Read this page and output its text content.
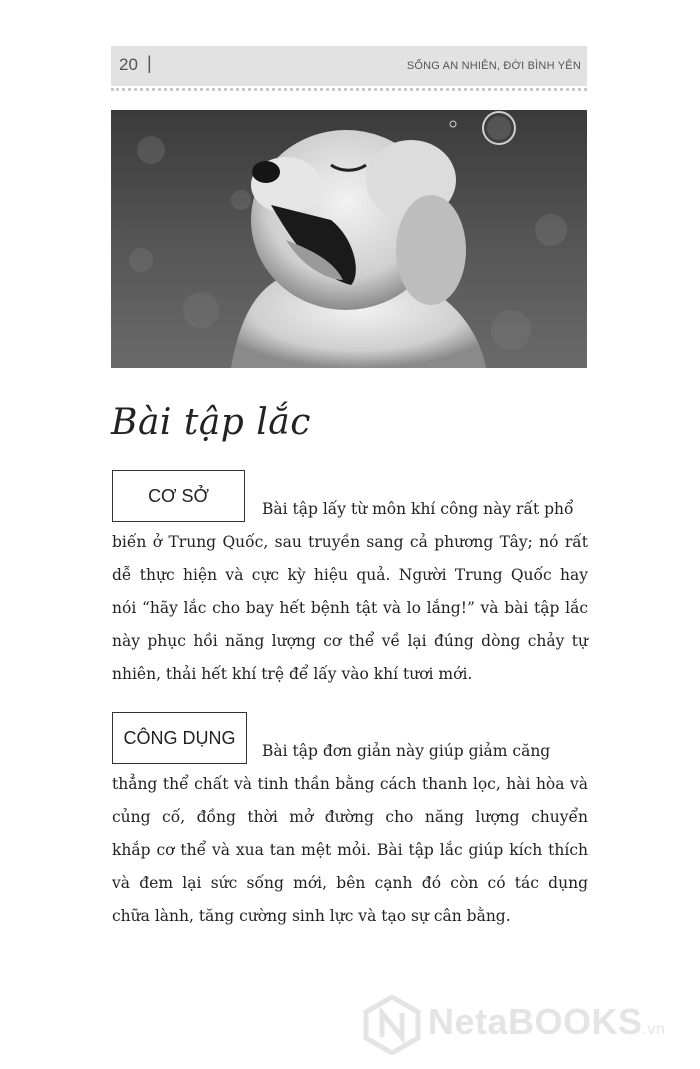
20 |	SỐNG AN NHIÊN, ĐỜI BÌNH YÊN
Bài tập lắc
CƠ SỞ
Bài tập lấy từ môn khí công này rất phổ
biến ở Trung Quốc, sau truyền sang cả phương Tây; nó rất
dễ thực hiện và cực kỳ hiệu quả. Người Trung Quốc hay
nói “hãy lắc cho bay hết bệnh tật và lo lắng!” và bài tập lắc
này phục hồi năng lượng cơ thể về lại đúng dòng chảy tự
nhiên, thải hết khí trệ để lấy vào khí tươi mới.
CÔNG DỤNG
Bài tập đơn giản này giúp giảm căng
thẳng thể chất và tinh thần bằng cách thanh lọc, hài hòa và
củng cố, đồng thời mở đường cho năng lượng chuyển
khắp cơ thể và xua tan mệt mỏi. Bài tập lắc giúp kích thích
và đem lại sức sống mới, bên cạnh đó còn có tác dụng
chữa lành, tăng cường sinh lực và tạo sự cân bằng.
NetaBOOKS.vn
